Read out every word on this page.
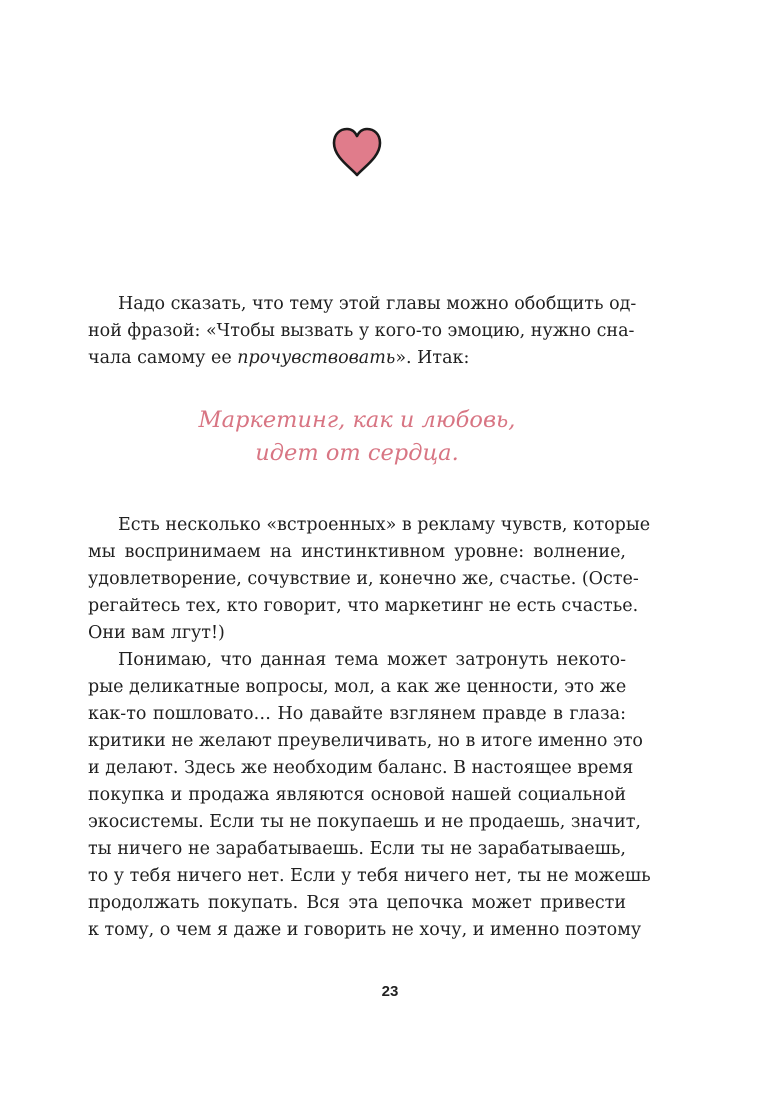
Надо сказать, что тему этой главы можно обобщить од-
ной фразой: «Чтобы вызвать у кого-то эмоцию, нужно сна-
чала самому ее прочувствовать». Итак:
Маркетинг, как и любовь,
идет от сердца.
Есть несколько «встроенных» в рекламу чувств, которые
мы воспринимаем на инстинктивном уровне: волнение,
удовлетворение, сочувствие и, конечно же, счастье. (Осте-
регайтесь тех, кто говорит, что маркетинг не есть счастье.
Они вам лгут!)
Понимаю, что данная тема может затронуть некото-
рые деликатные вопросы, мол, а как же ценности, это же
как-то пошловато… Но давайте взглянем правде в глаза:
критики не желают преувеличивать, но в итоге именно это
и делают. Здесь же необходим баланс. В настоящее время
покупка и продажа являются основой нашей социальной
экосистемы. Если ты не покупаешь и не продаешь, значит,
ты ничего не зарабатываешь. Если ты не зарабатываешь,
то у тебя ничего нет. Если у тебя ничего нет, ты не можешь
продолжать покупать. Вся эта цепочка может привести
к тому, о чем я даже и говорить не хочу, и именно поэтому
23
